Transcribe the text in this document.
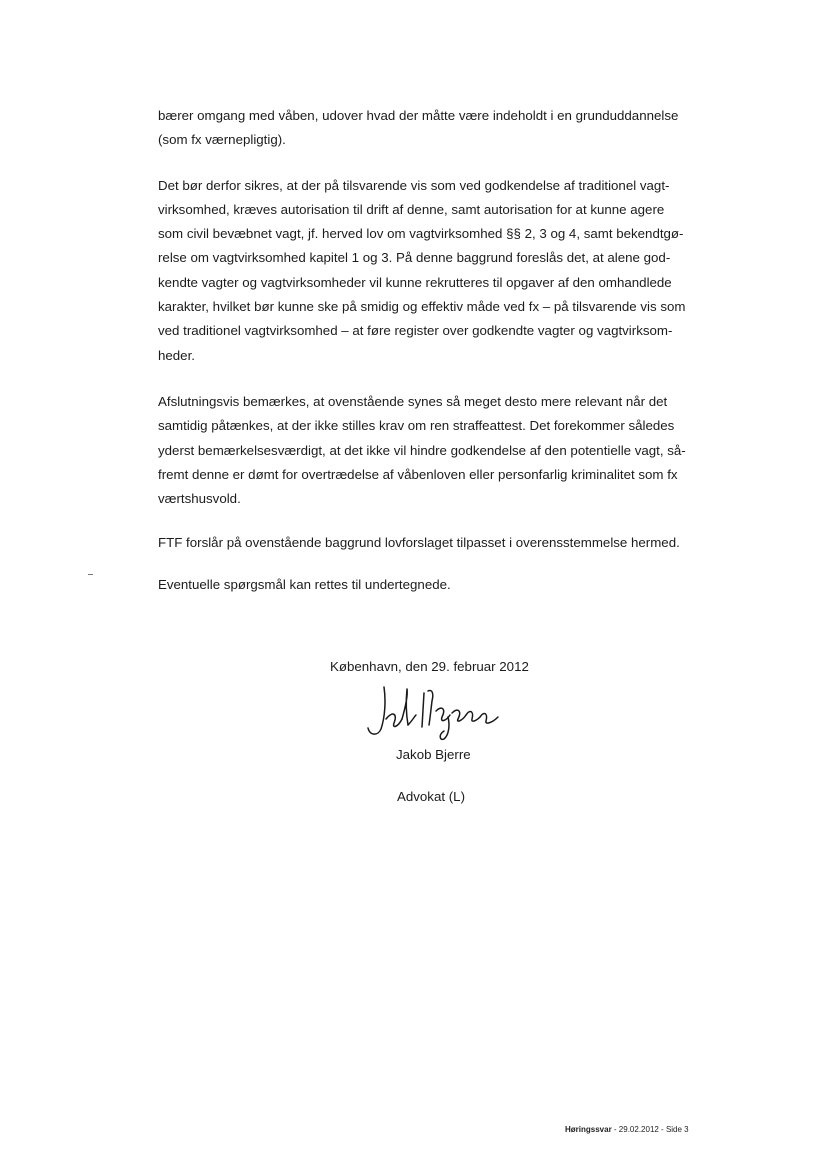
bærer omgang med våben, udover hvad der måtte være indeholdt i en grunduddannelse
(som fx værnepligtig).

Det bør derfor sikres, at der på tilsvarende vis som ved godkendelse af traditionel vagt-
virksomhed, kræves autorisation til drift af denne, samt autorisation for at kunne agere
som civil bevæbnet vagt, jf. herved lov om vagtvirksomhed §§ 2, 3 og 4, samt bekendtgø-
relse om vagtvirksomhed kapitel 1 og 3. På denne baggrund foreslås det, at alene god-
kendte vagter og vagtvirksomheder vil kunne rekrutteres til opgaver af den omhandlede
karakter, hvilket bør kunne ske på smidig og effektiv måde ved fx – på tilsvarende vis som
ved traditionel vagtvirksomhed – at føre register over godkendte vagter og vagtvirksom-
heder.

Afslutningsvis bemærkes, at ovenstående synes så meget desto mere relevant når det
samtidig påtænkes, at der ikke stilles krav om ren straffeattest. Det forekommer således
yderst bemærkelsesværdigt, at det ikke vil hindre godkendelse af den potentielle vagt, så-
fremt denne er dømt for overtrædelse af våbenloven eller personfarlig kriminalitet som fx
værtshusvold.

FTF forslår på ovenstående baggrund lovforslaget tilpasset i overensstemmelse hermed.

Eventuelle spørgsmål kan rettes til undertegnede.

København, den 29. februar 2012
Jakob Bjerre
Advokat (L)
Høringssvar - 29.02.2012 - Side 3
